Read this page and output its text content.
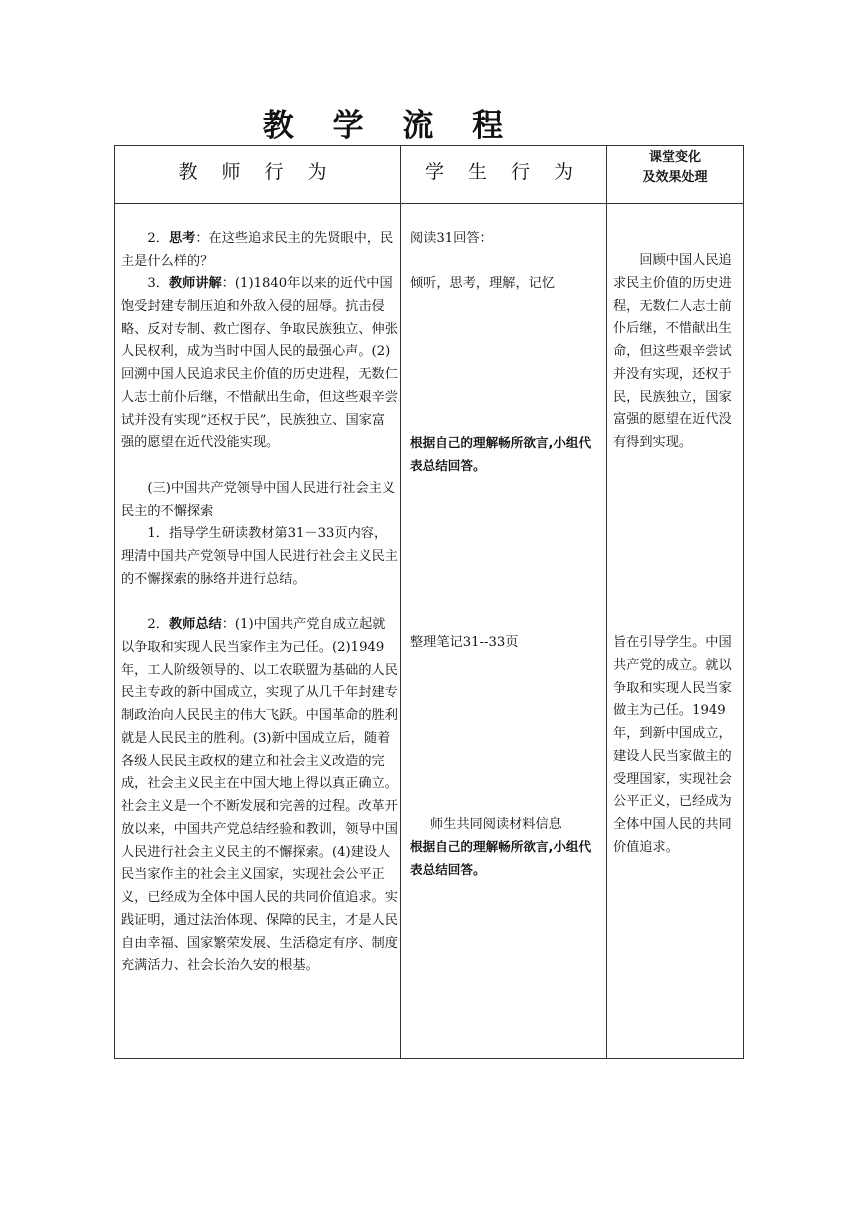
教 学 流 程
教 师 行 为	学 生 行 为
课堂变化
及效果处理

2．思考：在这些追求民主的先贤眼中，民主是什么样的？

3．教师讲解：(1)1840年以来的近代中国饱受封建专制压迫和外敌入侵的屈辱。抗击侵略、反对专制、救亡图存、争取民族独立、伸张人民权利，成为当时中国人民的最强心声。(2)回溯中国人民追求民主价值的历史进程，无数仁人志士前仆后继，不惜献出生命，但这些艰辛尝试并没有实现“还权于民”，民族独立、国家富强的愿望在近代没能实现。

(三)中国共产党领导中国人民进行社会主义民主的不懈探索

1．指导学生研读教材第31－33页内容，理清中国共产党领导中国人民进行社会主义民主的不懈探索的脉络并进行总结。

2．教师总结：(1)中国共产党自成立起就以争取和实现人民当家作主为己任。(2)1949年，工人阶级领导的、以工农联盟为基础的人民民主专政的新中国成立，实现了从几千年封建专制政治向人民民主的伟大飞跃。中国革命的胜利就是人民民主的胜利。(3)新中国成立后，随着各级人民民主政权的建立和社会主义改造的完成，社会主义民主在中国大地上得以真正确立。社会主义是一个不断发展和完善的过程。改革开放以来，中国共产党总结经验和教训，领导中国人民进行社会主义民主的不懈探索。(4)建设人民当家作主的社会主义国家，实现社会公平正义，已经成为全体中国人民的共同价值追求。实践证明，通过法治体现、保障的民主，才是人民自由幸福、国家繁荣发展、生活稳定有序、制度充满活力、社会长治久安的根基。

阅读31回答：

倾听，思考，理解，记忆

根据自己的理解畅所欲言,小组代表总结回答。

整理笔记31--33页

师生共同阅读材料信息

根据自己的理解畅所欲言,小组代表总结回答。

回顾中国人民追求民主价值的历史进程，无数仁人志士前仆后继，不惜献出生命，但这些艰辛尝试并没有实现，还权于民，民族独立，国家富强的愿望在近代没有得到实现。

旨在引导学生。中国共产党的成立。就以争取和实现人民当家做主为己任。1949年，到新中国成立，建设人民当家做主的受理国家，实现社会公平正义，已经成为全体中国人民的共同价值追求。
